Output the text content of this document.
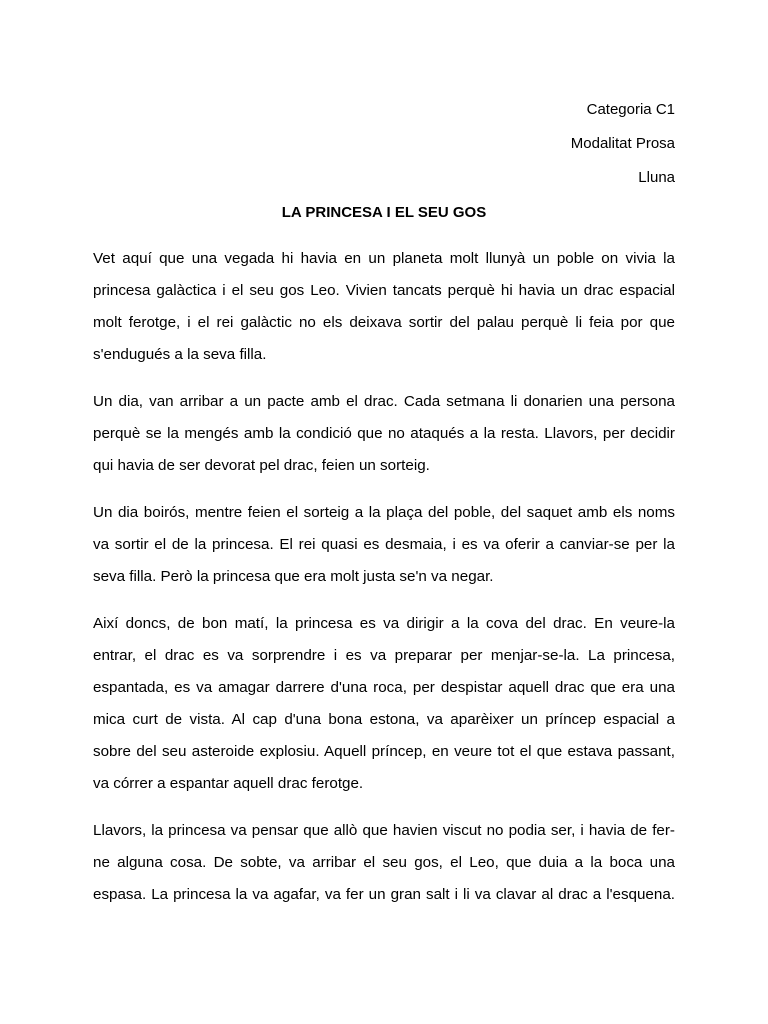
Categoria C1
Modalitat Prosa
Lluna
LA PRINCESA I EL SEU GOS

Vet aquí que una vegada hi havia en un planeta molt llunyà un poble on vivia la
princesa galàctica i el seu gos Leo. Vivien tancats perquè hi havia un drac espacial
molt ferotge, i el rei galàctic no els deixava sortir del palau perquè li feia por que
s'endugués a la seva filla.

Un dia, van arribar a un pacte amb el drac. Cada setmana li donarien una persona
perquè se la mengés amb la condició que no ataqués a la resta. Llavors, per decidir
qui havia de ser devorat pel drac, feien un sorteig.

Un dia boirós, mentre feien el sorteig a la plaça del poble, del saquet amb els noms
va sortir el de la princesa. El rei quasi es desmaia, i es va oferir a canviar-se per la
seva filla. Però la princesa que era molt justa se'n va negar.

Així doncs, de bon matí, la princesa es va dirigir a la cova del drac. En veure-la
entrar, el drac es va sorprendre i es va preparar per menjar-se-la. La princesa,
espantada, es va amagar darrere d'una roca, per despistar aquell drac que era una
mica curt de vista. Al cap d'una bona estona, va aparèixer un príncep espacial a
sobre del seu asteroide explosiu. Aquell príncep, en veure tot el que estava passant,
va córrer a espantar aquell drac ferotge.

Llavors, la princesa va pensar que allò que havien viscut no podia ser, i havia de fer-
ne alguna cosa. De sobte, va arribar el seu gos, el Leo, que duia a la boca una
espasa. La princesa la va agafar, va fer un gran salt i li va clavar al drac a l'esquena.
